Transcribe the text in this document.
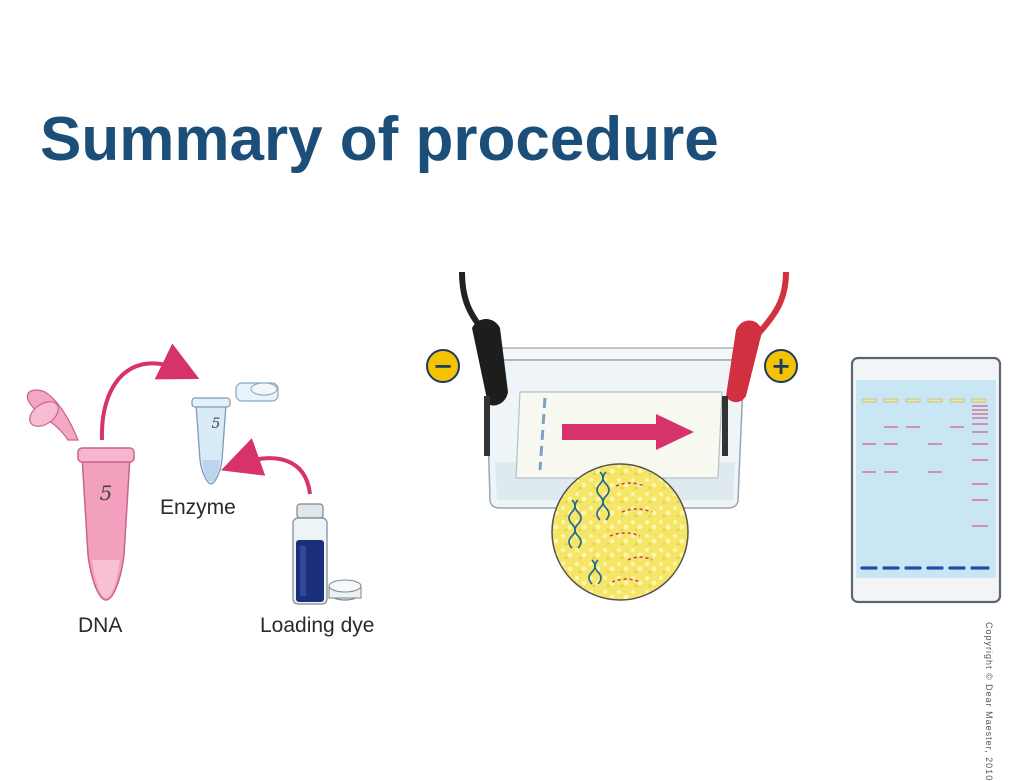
Summary of procedure
DNA
Enzyme
Loading dye	Copyright © Dear Maester, 2010
5
5
−	+
